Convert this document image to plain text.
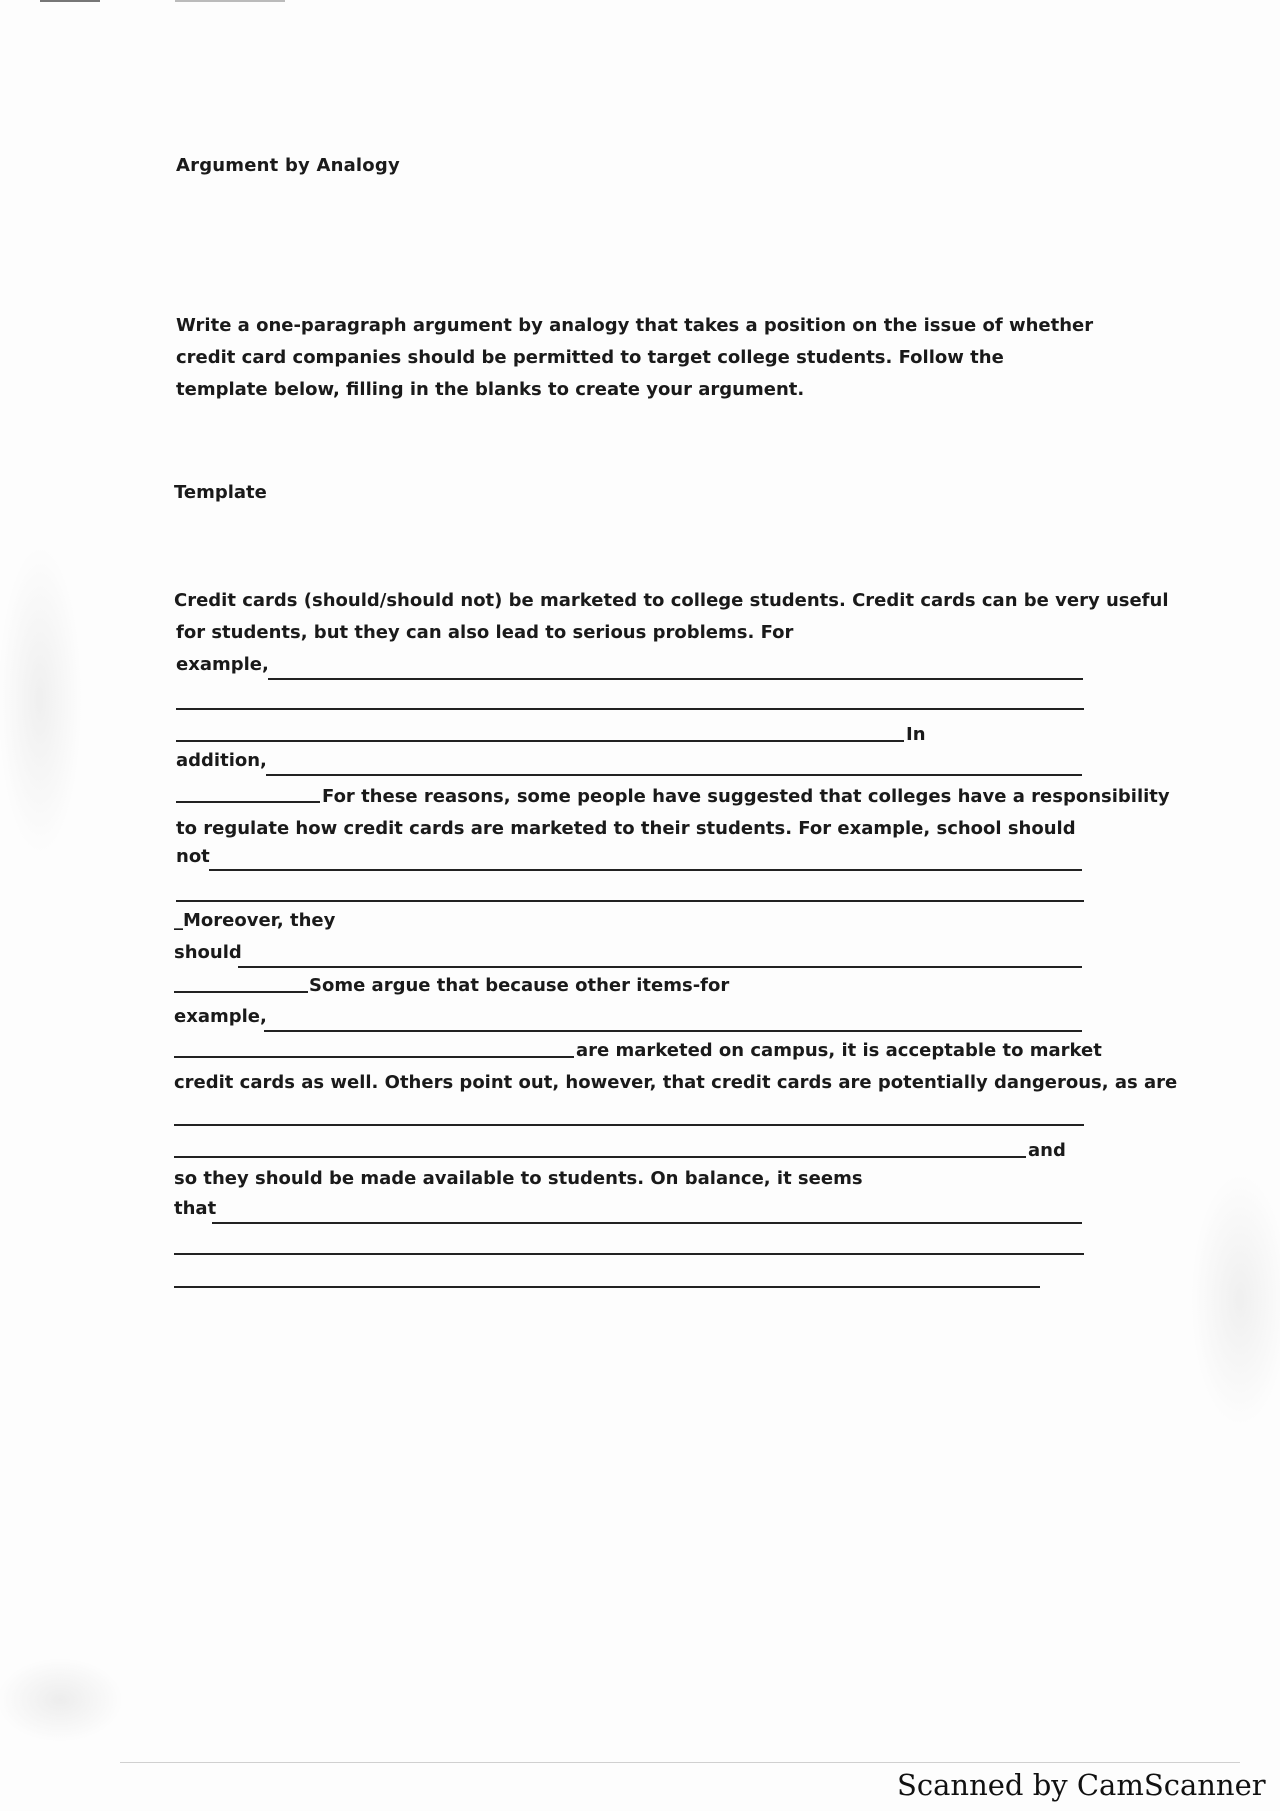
Argument by Analogy
Write a one-paragraph argument by analogy that takes a position on the issue of whether credit card companies should be permitted to target college students. Follow the template below, filling in the blanks to create your argument.
Template
Credit cards (should/should not) be marketed to college students. Credit cards can be very useful
for students, but they can also lead to serious problems. For
example,
In
addition,
For these reasons, some people have suggested that colleges have a responsibility
to regulate how credit cards are marketed to their students. For example, school should
not
_Moreover, they
should
Some argue that because other items-for
example,
are marketed on campus, it is acceptable to market
credit cards as well. Others point out, however, that credit cards are potentially dangerous, as are
and
so they should be made available to students. On balance, it seems
that
Scanned by CamScanner
